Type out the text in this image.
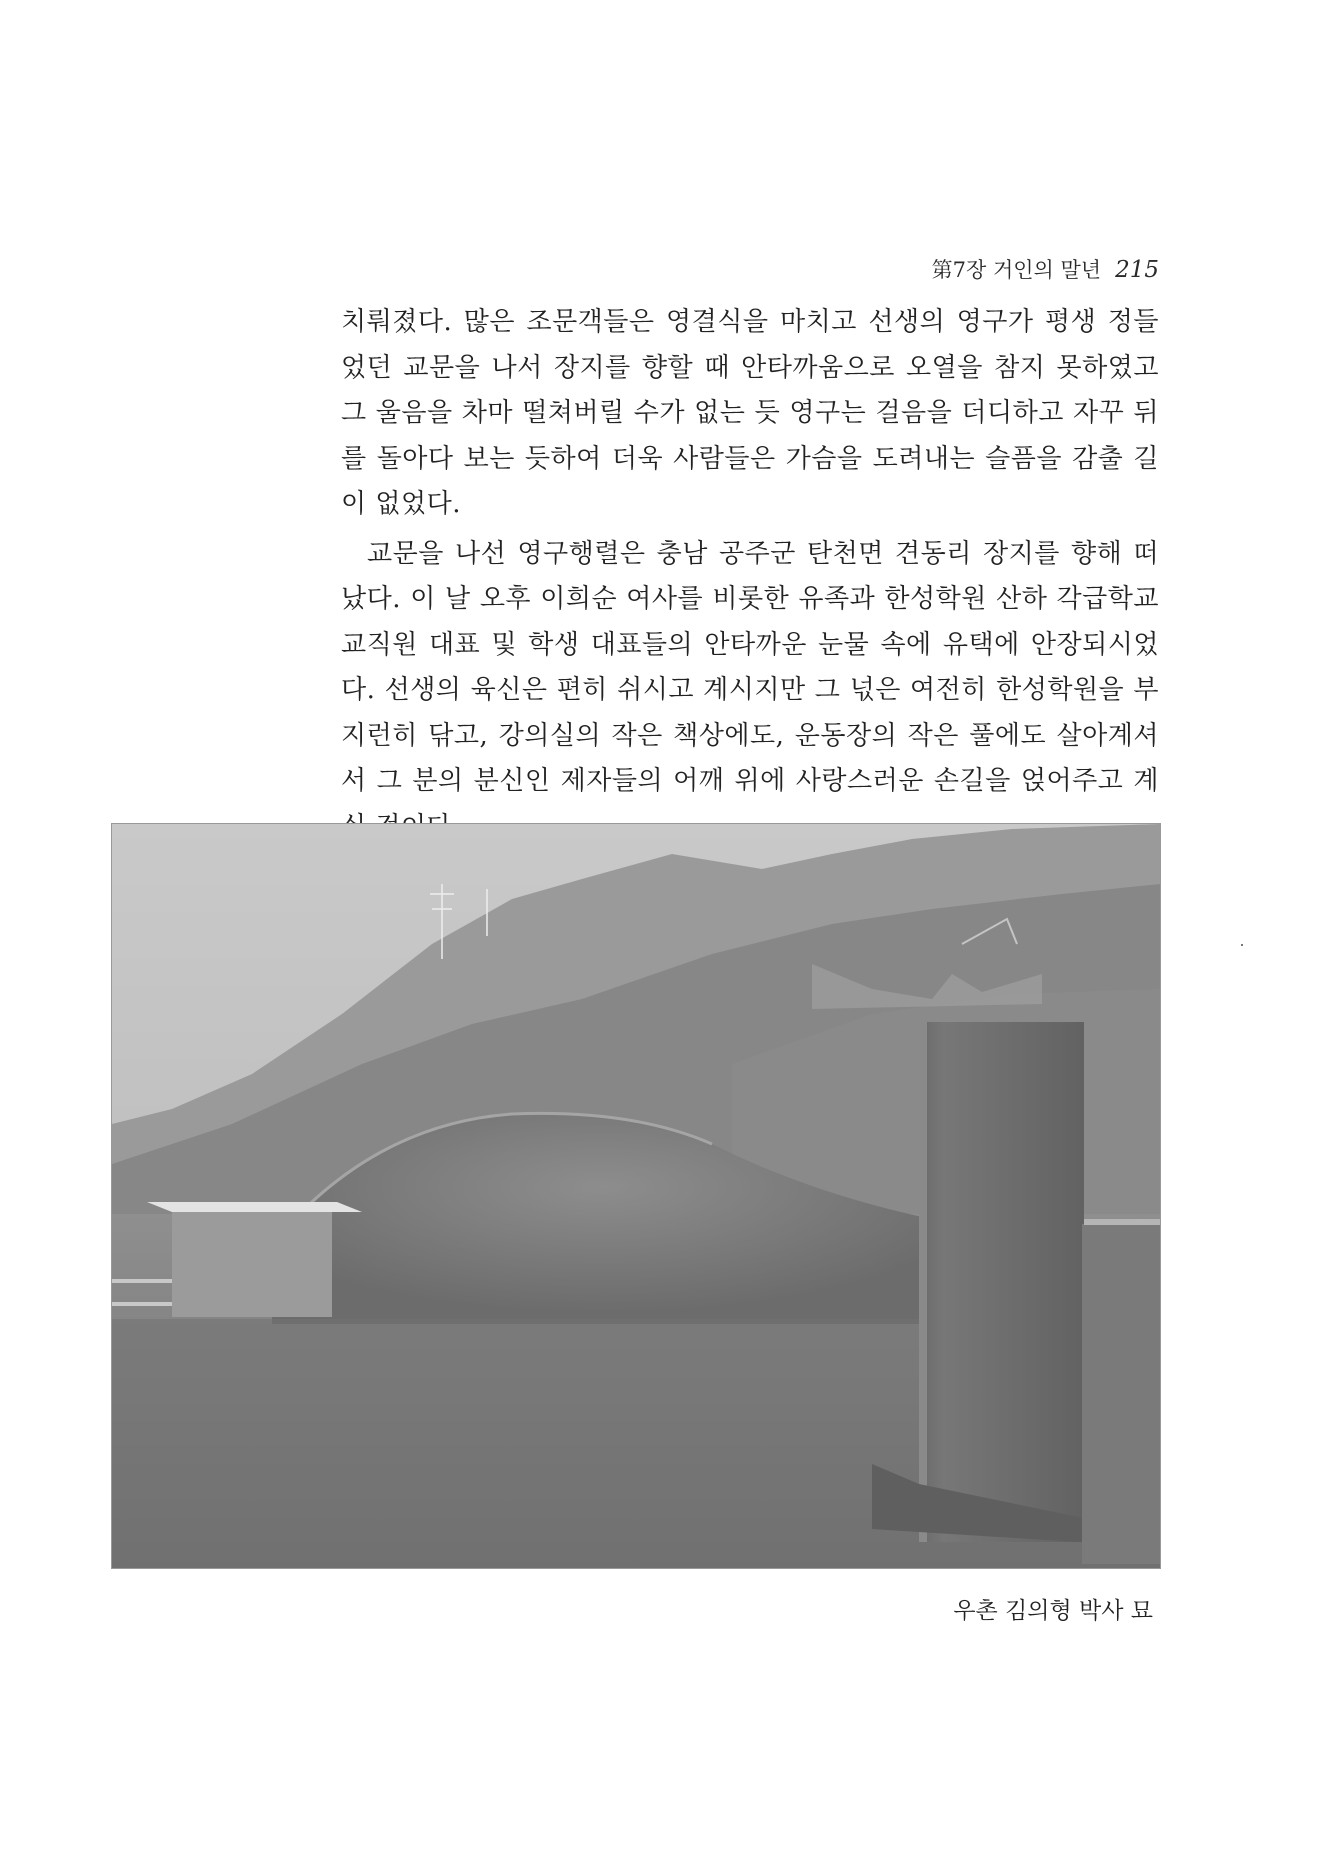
第7장 거인의 말년 215

치뤄졌다. 많은 조문객들은 영결식을 마치고 선생의 영구가 평생 정들었던 교문을 나서 장지를 향할 때 안타까움으로 오열을 참지 못하였고 그 울음을 차마 떨쳐버릴 수가 없는 듯 영구는 걸음을 더디하고 자꾸 뒤를 돌아다 보는 듯하여 더욱 사람들은 가슴을 도려내는 슬픔을 감출 길이 없었다.

교문을 나선 영구행렬은 충남 공주군 탄천면 견동리 장지를 향해 떠났다. 이 날 오후 이희순 여사를 비롯한 유족과 한성학원 산하 각급학교 교직원 대표 및 학생 대표들의 안타까운 눈물 속에 유택에 안장되시었다. 선생의 육신은 편히 쉬시고 계시지만 그 넋은 여전히 한성학원을 부지런히 닦고, 강의실의 작은 책상에도, 운동장의 작은 풀에도 살아계셔서 그 분의 분신인 제자들의 어깨 위에 사랑스러운 손길을 얹어주고 계

우촌 김의형 박사 묘
